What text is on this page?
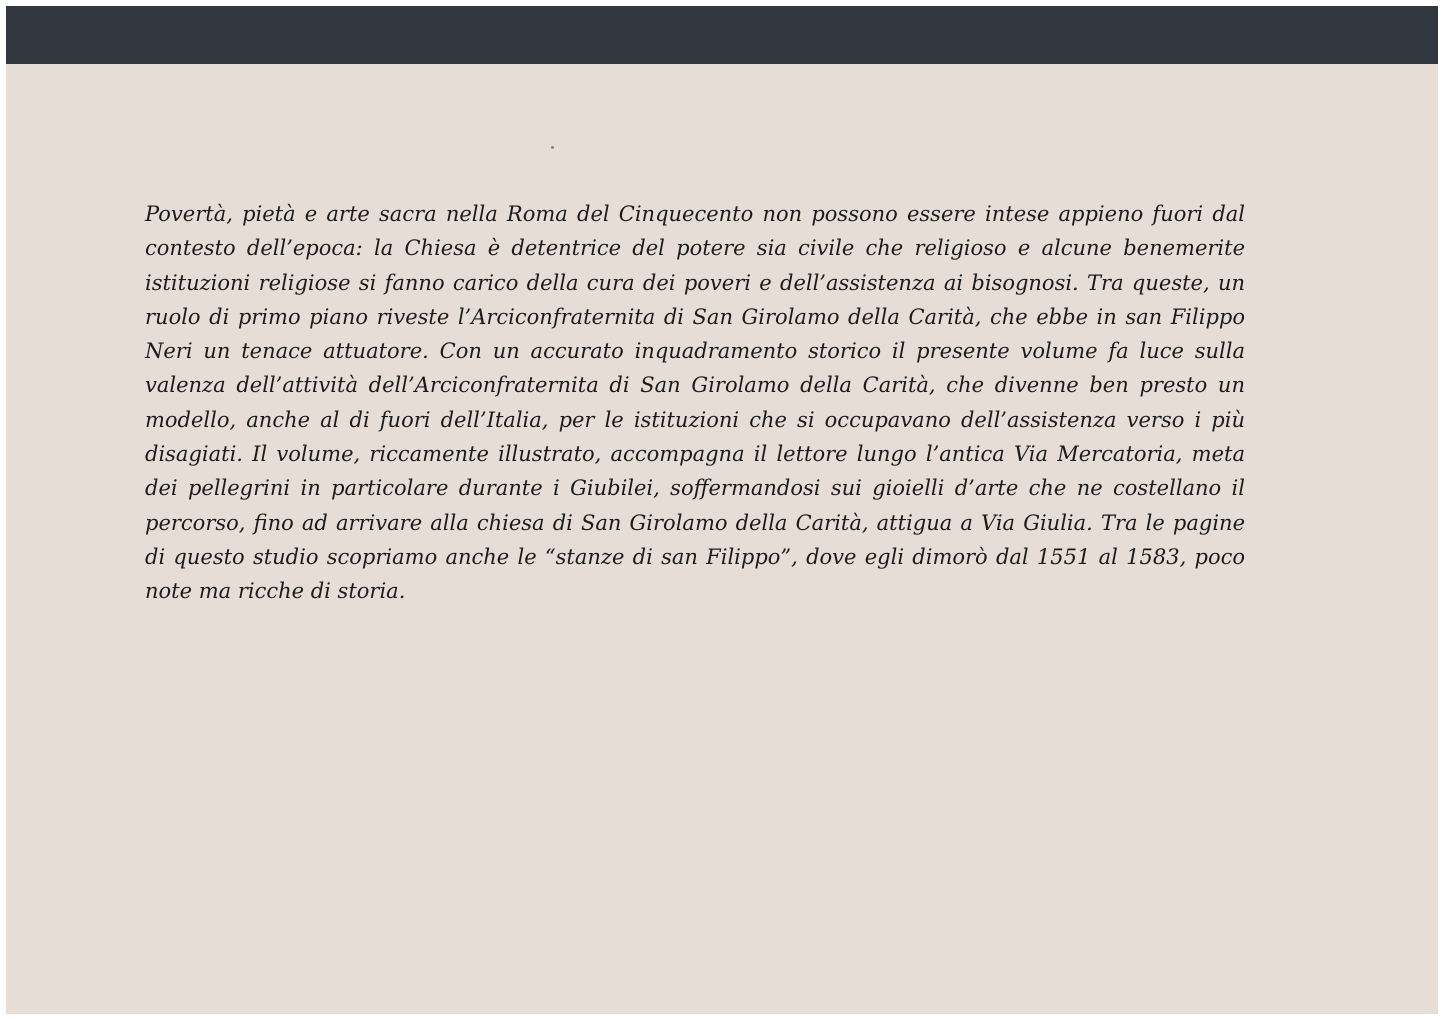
Povertà, pietà e arte sacra nella Roma del Cinquecento non possono essere intese appieno fuori dal
contesto dell’epoca: la Chiesa è detentrice del potere sia civile che religioso e alcune benemerite
istituzioni religiose si fanno carico della cura dei poveri e dell’assistenza ai bisognosi. Tra queste, un
ruolo di primo piano riveste l’Arciconfraternita di San Girolamo della Carità, che ebbe in san Filippo
Neri un tenace attuatore. Con un accurato inquadramento storico il presente volume fa luce sulla
valenza dell’attività dell’Arciconfraternita di San Girolamo della Carità, che divenne ben presto un
modello, anche al di fuori dell’Italia, per le istituzioni che si occupavano dell’assistenza verso i più
disagiati. Il volume, riccamente illustrato, accompagna il lettore lungo l’antica Via Mercatoria, meta
dei pellegrini in particolare durante i Giubilei, soffermandosi sui gioielli d’arte che ne costellano il
percorso, fino ad arrivare alla chiesa di San Girolamo della Carità, attigua a Via Giulia. Tra le pagine
di questo studio scopriamo anche le “stanze di san Filippo”, dove egli dimorò dal 1551 al 1583, poco
note ma ricche di storia.
